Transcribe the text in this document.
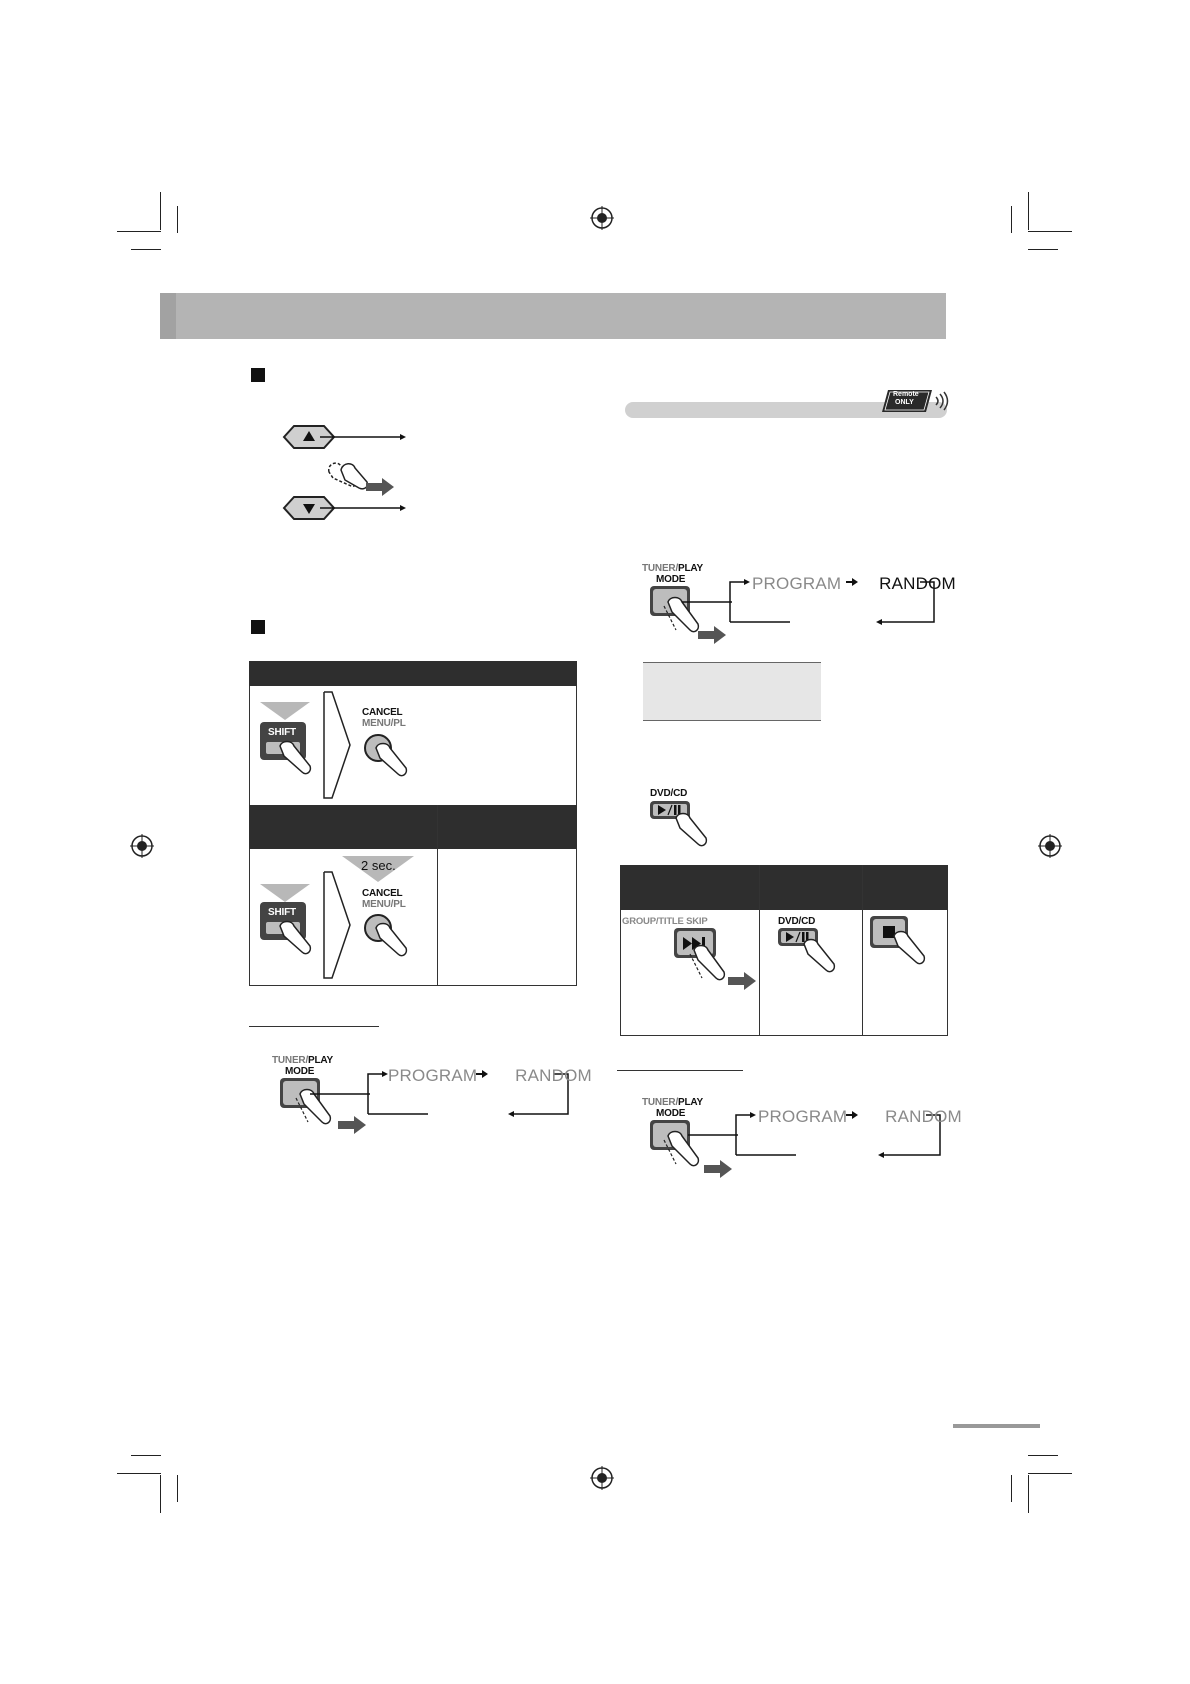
SHIFT
CANCEL
MENU/PL
2 sec.
SHIFT
CANCEL
MENU/PL
TUNER/PLAY
MODE	PROGRAM RANDOM
Remote
ONLY
TUNER/PLAY
MODE	PROGRAM RANDOM
DVD/CD
GROUP/TITLE SKIP	DVD/CD
TUNER/PLAY
MODE	PROGRAM RANDOM
